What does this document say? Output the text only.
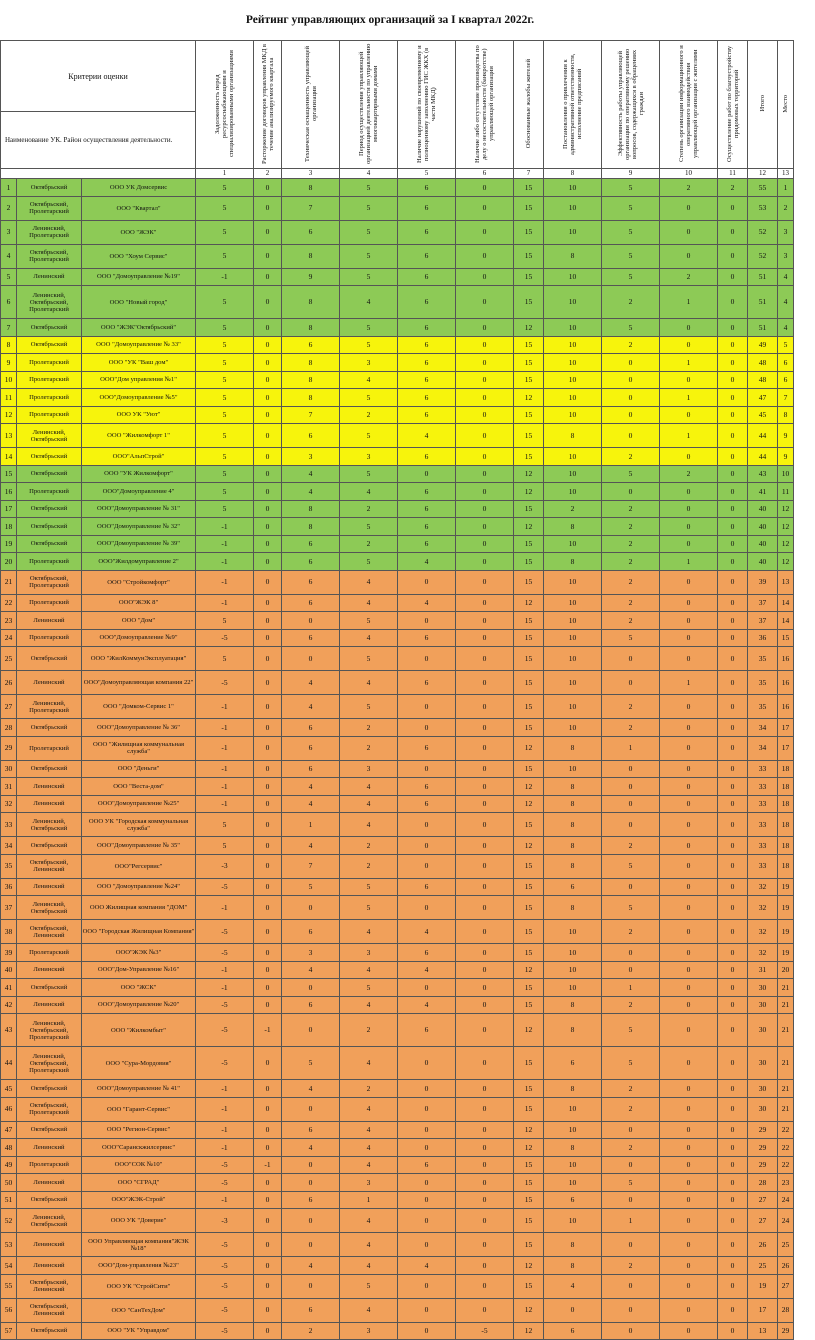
Рейтинг управляющих организаций за I квартал 2022г.
Критерии оценки			Задолженность перед ресурсоснабжающими и специализированными организациями	Расторжение договоров управления МКД в течение анализируемого квартала	Техническая оснащенность управляющей организации	Период осуществления управляющей организацией деятельности по управлению многоквартирными домами	Наличие нарушений по своевременному и полноценному заполнению ГИС ЖКХ (в части МКД)	Наличие либо отсутствие производства по делу о несостоятельности (банкротстве) управляющей организации	Обоснованные жалобы жителей	Постановления о привлечении к административной ответственности, исполнение предписаний	Эффективность работы управляющей организации по оперативному решению вопросов, содержащихся в обращениях граждан	Степень организации информационного и оперативного взаимодействия управляющей организации с жителями	Осуществление работ по благоустройству придомовых территорий	Итого	Место
Наименование УК. Район осуществления деятельности.															
			1	2	3	4	5	6	7	8	9	10	11	12	13
1	Октябрьский	ООО УК Домсервис	5	0	8	5	6	0	15	10	5	2	2	55	1
2	Октябрьский, Пролетарский	ООО "Квартал"	5	0	7	5	6	0	15	10	5	0	0	53	2
3	Ленинский, Пролетарский	ООО "ЖЭК"	5	0	6	5	6	0	15	10	5	0	0	52	3
4	Октябрьский, Пролетарский	ООО "Хоум Сервис"	5	0	8	5	6	0	15	8	5	0	0	52	3
5	Ленинский	ООО "Домоуправление №19"	-1	0	9	5	6	0	15	10	5	2	0	51	4
6	Ленинский, Октябрьский, Пролетарский	ООО "Новый город"	5	0	8	4	6	0	15	10	2	1	0	51	4
7	Октябрьский	ООО "ЖЭК"Октябрьский"	5	0	8	5	6	0	12	10	5	0	0	51	4
8	Октябрьский	ООО "Домоуправление № 33"	5	0	6	5	6	0	15	10	2	0	0	49	5
9	Пролетарский	ООО "УК "Ваш дом"	5	0	8	3	6	0	15	10	0	1	0	48	6
10	Пролетарский	ООО"Дом управления №1"	5	0	8	4	6	0	15	10	0	0	0	48	6
11	Пролетарский	ООО"Домоуправление №5"	5	0	8	5	6	0	12	10	0	1	0	47	7
12	Пролетарский	ООО УК "Уют"	5	0	7	2	6	0	15	10	0	0	0	45	8
13	Ленинский, Октябрьский	ООО "Жилкомфорт 1"	5	0	6	5	4	0	15	8	0	1	0	44	9
14	Октябрьский	ООО"АльпСтрой"	5	0	3	3	6	0	15	10	2	0	0	44	9
15	Октябрьский	ООО "УК Жилкомфорт"	5	0	4	5	0	0	12	10	5	2	0	43	10
16	Пролетарский	ООО"Домоуправление 4"	5	0	4	4	6	0	12	10	0	0	0	41	11
17	Октябрьский	ООО"Домоуправление № 31"	5	0	8	2	6	0	15	2	2	0	0	40	12
18	Октябрьский	ООО"Домоуправление № 32"	-1	0	8	5	6	0	12	8	2	0	0	40	12
19	Октябрьский	ООО"Домоуправление № 39"	-1	0	6	2	6	0	15	10	2	0	0	40	12
20	Пролетарский	ООО"Жилдомуправление 2"	-1	0	6	5	4	0	15	8	2	1	0	40	12
21	Октябрьский, Пролетарский	ООО "Стройкомфорт"	-1	0	6	4	0	0	15	10	2	0	0	39	13
22	Пролетарский	ООО"ЖЭК 8"	-1	0	6	4	4	0	12	10	2	0	0	37	14
23	Ленинский	ООО "Дом"	5	0	0	5	0	0	15	10	2	0	0	37	14
24	Пролетарский	ООО"Домоуправление №9"	-5	0	6	4	6	0	15	10	5	0	0	36	15
25	Октябрьский	ООО "ЖилКоммунЭксплуатация"	5	0	0	5	0	0	15	10	0	0	0	35	16
26	Ленинский	ООО"Домоуправляющая компания 22"	-5	0	4	4	6	0	15	10	0	1	0	35	16
27	Ленинский, Пролетарский	ООО "Домком-Сервис 1"	-1	0	4	5	0	0	15	10	2	0	0	35	16
28	Октябрьский	ООО"Домоуправление № 36"	-1	0	6	2	0	0	15	10	2	0	0	34	17
29	Пролетарский	ООО "Жилищная коммунальная служба"	-1	0	6	2	6	0	12	8	1	0	0	34	17
30	Октябрьский	ООО "Деньги"	-1	0	6	3	0	0	15	10	0	0	0	33	18
31	Ленинский	ООО "Веста-дом"	-1	0	4	4	6	0	12	8	0	0	0	33	18
32	Ленинский	ООО"Домоуправление №25"	-1	0	4	4	6	0	12	8	0	0	0	33	18
33	Ленинский, Октябрьский	ООО УК "Городская коммунальная служба"	5	0	1	4	0	0	15	8	0	0	0	33	18
34	Октябрьский	ООО"Домоуправление № 35"	5	0	4	2	0	0	12	8	2	0	0	33	18
35	Октябрьский, Ленинский	ООО"Регсервис"	-3	0	7	2	0	0	15	8	5	0	0	33	18
36	Ленинский	ООО "Домоуправление №24"	-5	0	5	5	6	0	15	6	0	0	0	32	19
37	Ленинский, Октябрьский	ООО Жилищная компания "ДОМ"	-1	0	0	5	0	0	15	8	5	0	0	32	19
38	Октябрьский, Ленинский	ООО "Городская Жилищная Компания"	-5	0	6	4	4	0	15	10	2	0	0	32	19
39	Пролетарский	ООО"ЖЭК №3"	-5	0	3	3	6	0	15	10	0	0	0	32	19
40	Ленинский	ООО"Дом-Управление №16"	-1	0	4	4	4	0	12	10	0	0	0	31	20
41	Октябрьский	ООО "ЖСК"	-1	0	0	5	0	0	15	10	1	0	0	30	21
42	Ленинский	ООО"Домоуправление №20"	-5	0	6	4	4	0	15	8	2	0	0	30	21
43	Ленинский, Октябрьский, Пролетарский	ООО "Жилкомбыт"	-5	-1	0	2	6	0	12	8	5	0	0	30	21
44	Ленинский, Октябрьский, Пролетарский	ООО "Сура-Мордовия"	-5	0	5	4	0	0	15	6	5	0	0	30	21
45	Октябрьский	ООО"Домоуправление № 41"	-1	0	4	2	0	0	15	8	2	0	0	30	21
46	Октябрьский, Пролетарский	ООО "Гарант-Сервис"	-1	0	0	4	0	0	15	10	2	0	0	30	21
47	Октябрьский	ООО "Регион-Сервис"	-1	0	6	4	0	0	12	10	0	0	0	29	22
48	Ленинский	ООО"Саранскжилсервис"	-1	0	4	4	0	0	12	8	2	0	0	29	22
49	Пролетарский	ООО"СОК №10"	-5	-1	0	4	6	0	15	10	0	0	0	29	22
50	Ленинский	ООО "СГРАД"	-5	0	0	3	0	0	15	10	5	0	0	28	23
51	Октябрьский	ООО"ЖЭК-Строй"	-1	0	6	1	0	0	15	6	0	0	0	27	24
52	Ленинский, Октябрьский	ООО УК "Доверие"	-3	0	0	4	0	0	15	10	1	0	0	27	24
53	Ленинский	ООО Управляющая компания"ЖЭК №18"	-5	0	0	4	0	0	15	8	0	0	0	26	25
54	Ленинский	ООО"Дом-управления №23"	-5	0	4	4	4	0	12	8	2	0	0	25	26
55	Октябрьский, Ленинский	ООО УК "СтройСити"	-5	0	0	5	0	0	15	4	0	0	0	19	27
56	Октябрьский, Ленинский	ООО "СанТехДом"	-5	0	6	4	0	0	12	0	0	0	0	17	28
57	Октябрьский	ООО "УК "Управдом"	-5	0	2	3	0	-5	12	6	0	0	0	13	29
